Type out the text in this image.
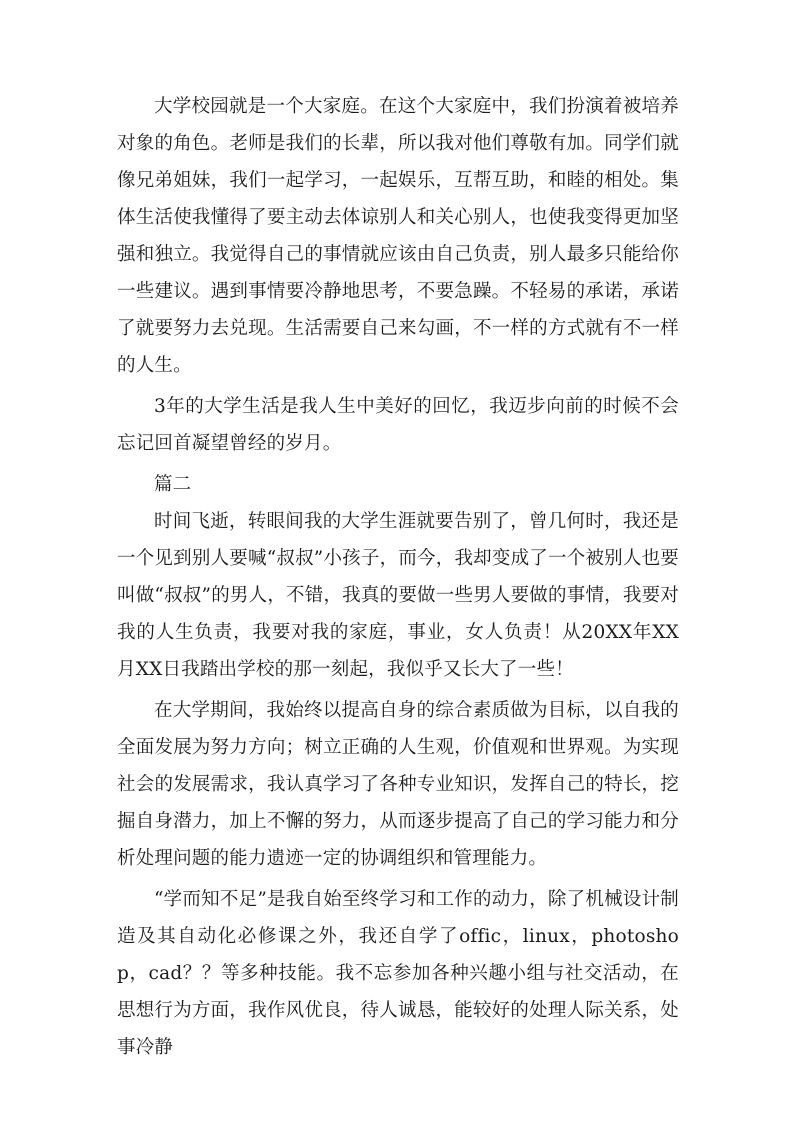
大学校园就是一个大家庭。在这个大家庭中，我们扮演着被培养对象的角色。老师是我们的长辈，所以我对他们尊敬有加。同学们就像兄弟姐妹，我们一起学习，一起娱乐，互帮互助，和睦的相处。集体生活使我懂得了要主动去体谅别人和关心别人，也使我变得更加坚强和独立。我觉得自己的事情就应该由自己负责，别人最多只能给你一些建议。遇到事情要冷静地思考，不要急躁。不轻易的承诺，承诺了就要努力去兑现。生活需要自己来勾画，不一样的方式就有不一样的人生。

3年的大学生活是我人生中美好的回忆，我迈步向前的时候不会忘记回首凝望曾经的岁月。

篇二

时间飞逝，转眼间我的大学生涯就要告别了，曾几何时，我还是一个见到别人要喊“叔叔”小孩子，而今，我却变成了一个被别人也要叫做“叔叔”的男人，不错，我真的要做一些男人要做的事情，我要对我的人生负责，我要对我的家庭，事业，女人负责！从20XX年XX月XX日我踏出学校的那一刻起，我似乎又长大了一些！

在大学期间，我始终以提高自身的综合素质做为目标，以自我的全面发展为努力方向；树立正确的人生观，价值观和世界观。为实现社会的发展需求，我认真学习了各种专业知识，发挥自己的特长，挖掘自身潜力，加上不懈的努力，从而逐步提高了自己的学习能力和分析处理问题的能力遗迹一定的协调组织和管理能力。

“学而知不足”是我自始至终学习和工作的动力，除了机械设计制造及其自动化必修课之外，我还自学了offic，linux，photoshop，cad？？等多种技能。我不忘参加各种兴趣小组与社交活动，在思想行为方面，我作风优良，待人诚恳，能较好的处理人际关系，处事冷静
